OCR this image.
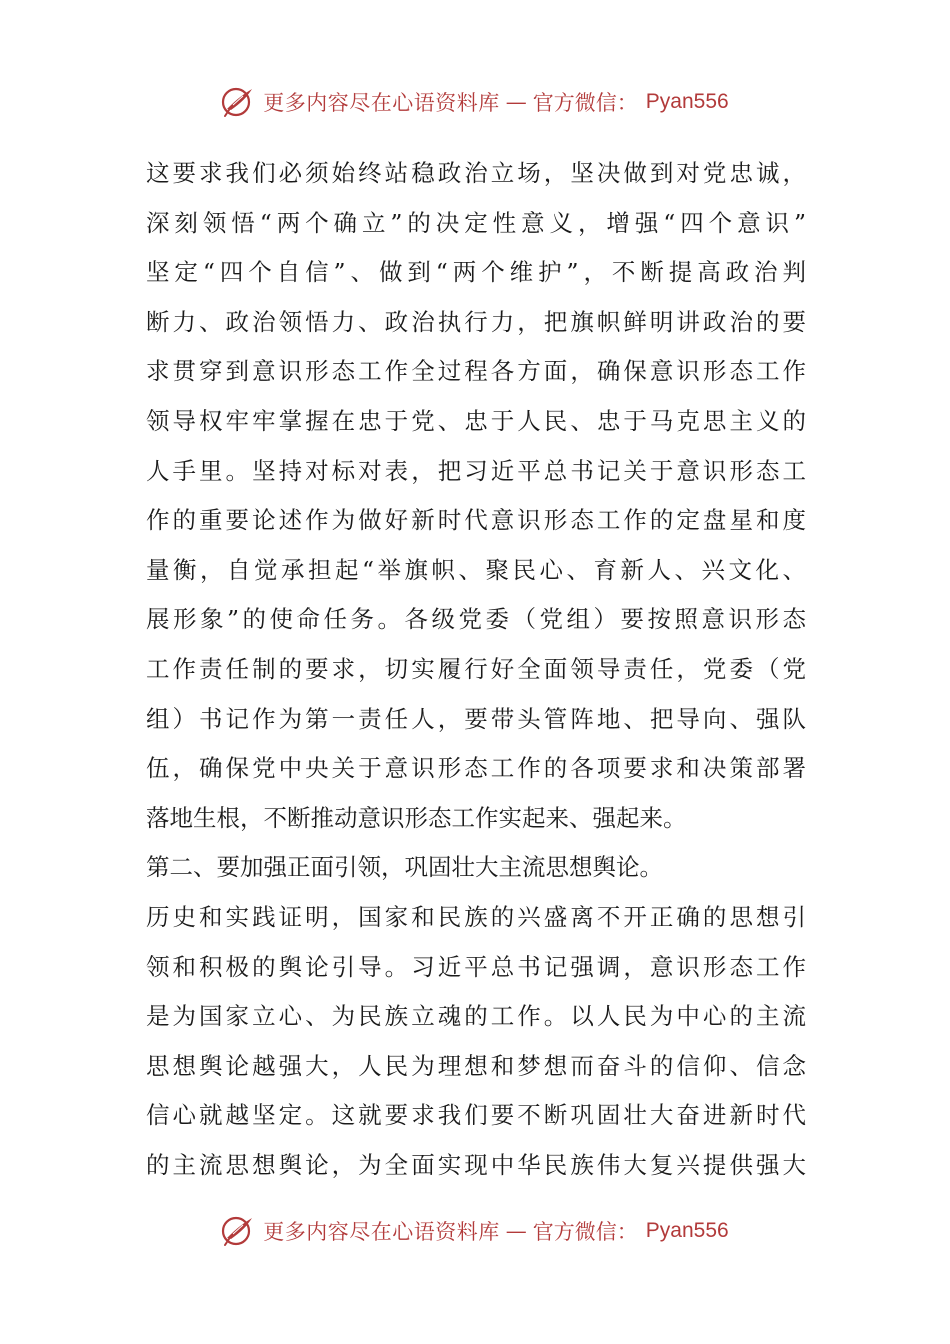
更多内容尽在心语资料库 — 官方微信： Pyan556
这要求我们必须始终站稳政治立场，坚决做到对党忠诚，
深刻领悟“两个确立”的决定性意义，增强“四个意识”
坚定“四个自信”、做到“两个维护”，不断提高政治判
断力、政治领悟力、政治执行力，把旗帜鲜明讲政治的要
求贯穿到意识形态工作全过程各方面，确保意识形态工作
领导权牢牢掌握在忠于党、忠于人民、忠于马克思主义的
人手里。坚持对标对表，把习近平总书记关于意识形态工
作的重要论述作为做好新时代意识形态工作的定盘星和度
量衡，自觉承担起“举旗帜、聚民心、育新人、兴文化、
展形象”的使命任务。各级党委（党组）要按照意识形态
工作责任制的要求，切实履行好全面领导责任，党委（党
组）书记作为第一责任人，要带头管阵地、把导向、强队
伍，确保党中央关于意识形态工作的各项要求和决策部署
落地生根，不断推动意识形态工作实起来、强起来。
第二、要加强正面引领，巩固壮大主流思想舆论。
历史和实践证明，国家和民族的兴盛离不开正确的思想引
领和积极的舆论引导。习近平总书记强调，意识形态工作
是为国家立心、为民族立魂的工作。以人民为中心的主流
思想舆论越强大，人民为理想和梦想而奋斗的信仰、信念
信心就越坚定。这就要求我们要不断巩固壮大奋进新时代
的主流思想舆论，为全面实现中华民族伟大复兴提供强大
更多内容尽在心语资料库 — 官方微信： Pyan556
